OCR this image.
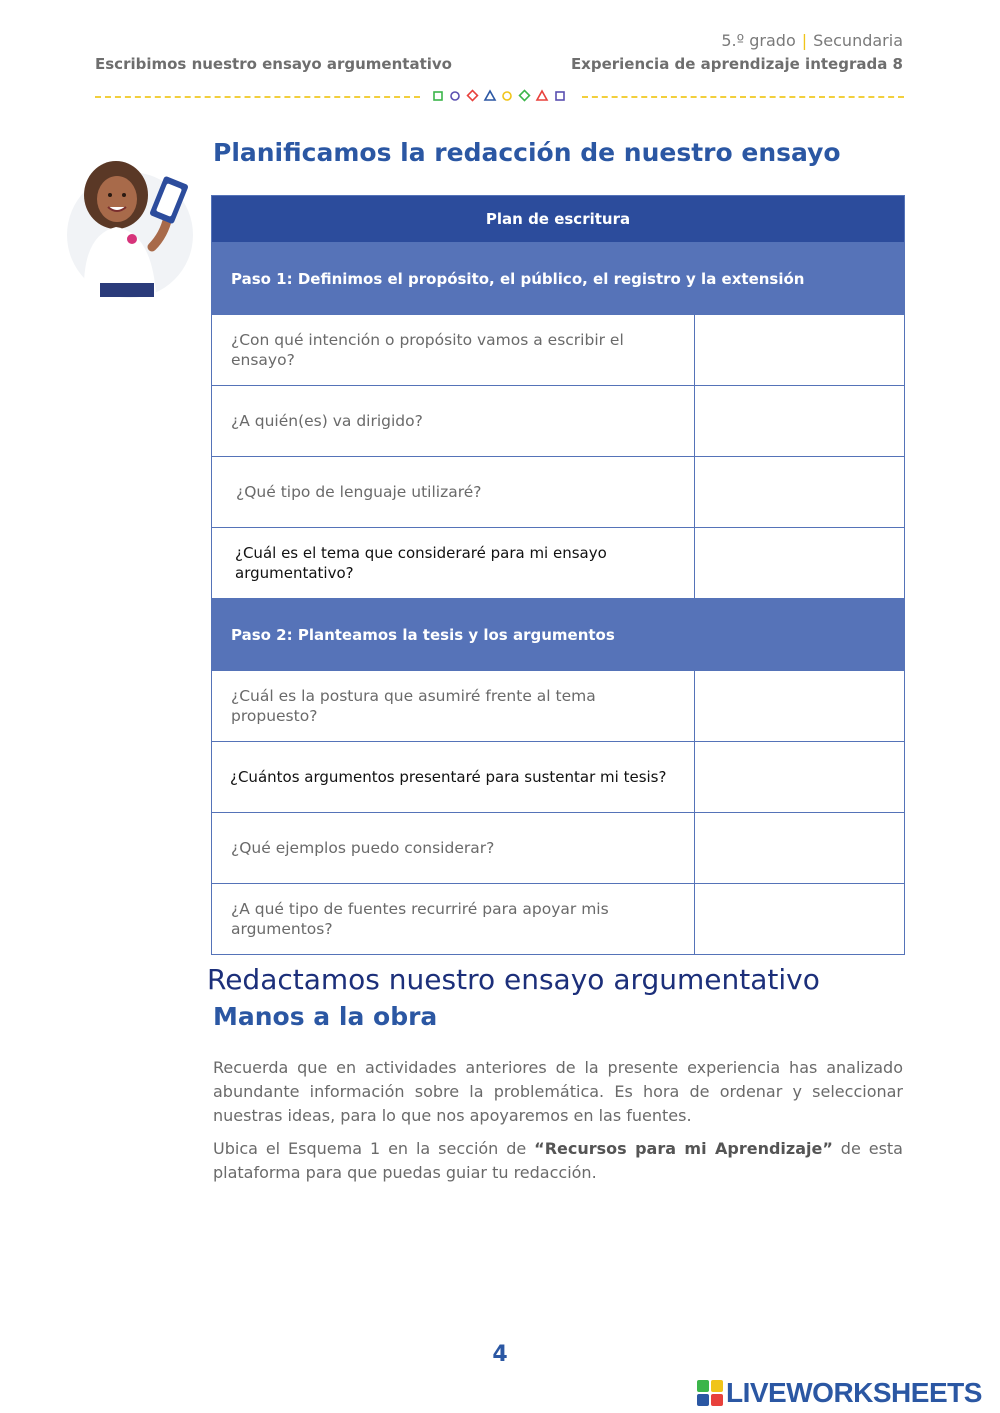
5.º grado | Secundaria
Escribimos nuestro ensayo argumentativo	Experiencia de aprendizaje integrada 8
Planificamos la redacción de nuestro ensayo
Plan de escritura	
Paso 1: Definimos el propósito, el público, el registro y la extensión	
¿Con qué intención o propósito vamos a escribir el ensayo?	
¿A quién(es) va dirigido?	
¿Qué tipo de lenguaje utilizaré?	
¿Cuál es el tema que consideraré para mi ensayo argumentativo?	
Paso 2: Planteamos la tesis y los argumentos	
¿Cuál es la postura que asumiré frente al tema propuesto?	
¿Cuántos argumentos presentaré para sustentar mi tesis?	
¿Qué ejemplos puedo considerar?	
¿A qué tipo de fuentes recurriré para apoyar mis argumentos?	
Redactamos nuestro ensayo argumentativo
Manos a la obra

Recuerda que en actividades anteriores de la presente experiencia has analizado abundante información sobre la problemática. Es hora de ordenar y seleccionar nuestras ideas, para lo que nos apoyaremos en las fuentes.

Ubica el Esquema 1 en la sección de “Recursos para mi Aprendizaje” de esta plataforma para que puedas guiar tu redacción.

4
LIVEWORKSHEETS
